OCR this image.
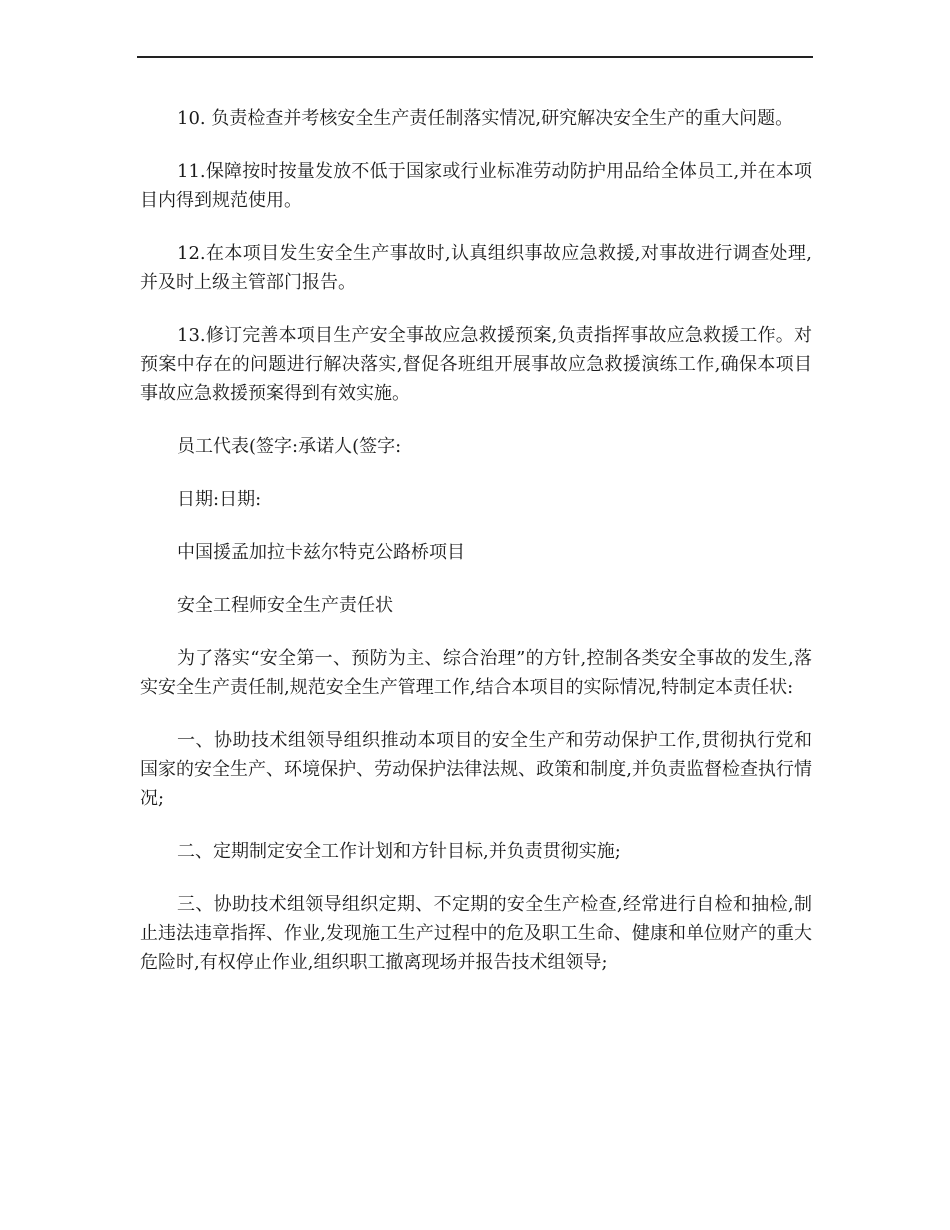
10. 负责检查并考核安全生产责任制落实情况,研究解决安全生产的重大问题。

11.保障按时按量发放不低于国家或行业标准劳动防护用品给全体员工,并在本项目内得到规范使用。

12.在本项目发生安全生产事故时,认真组织事故应急救援,对事故进行调查处理,并及时上级主管部门报告。

13.修订完善本项目生产安全事故应急救援预案,负责指挥事故应急救援工作。对预案中存在的问题进行解决落实,督促各班组开展事故应急救援演练工作,确保本项目事故应急救援预案得到有效实施。

员工代表(签字:承诺人(签字:

日期:日期:

中国援孟加拉卡兹尔特克公路桥项目

安全工程师安全生产责任状

为了落实“安全第一、预防为主、综合治理”的方针,控制各类安全事故的发生,落实安全生产责任制,规范安全生产管理工作,结合本项目的实际情况,特制定本责任状:

一、协助技术组领导组织推动本项目的安全生产和劳动保护工作,贯彻执行党和国家的安全生产、环境保护、劳动保护法律法规、政策和制度,并负责监督检查执行情况;

二、定期制定安全工作计划和方针目标,并负责贯彻实施;

三、协助技术组领导组织定期、不定期的安全生产检查,经常进行自检和抽检,制止违法违章指挥、作业,发现施工生产过程中的危及职工生命、健康和单位财产的重大危险时,有权停止作业,组织职工撤离现场并报告技术组领导;
